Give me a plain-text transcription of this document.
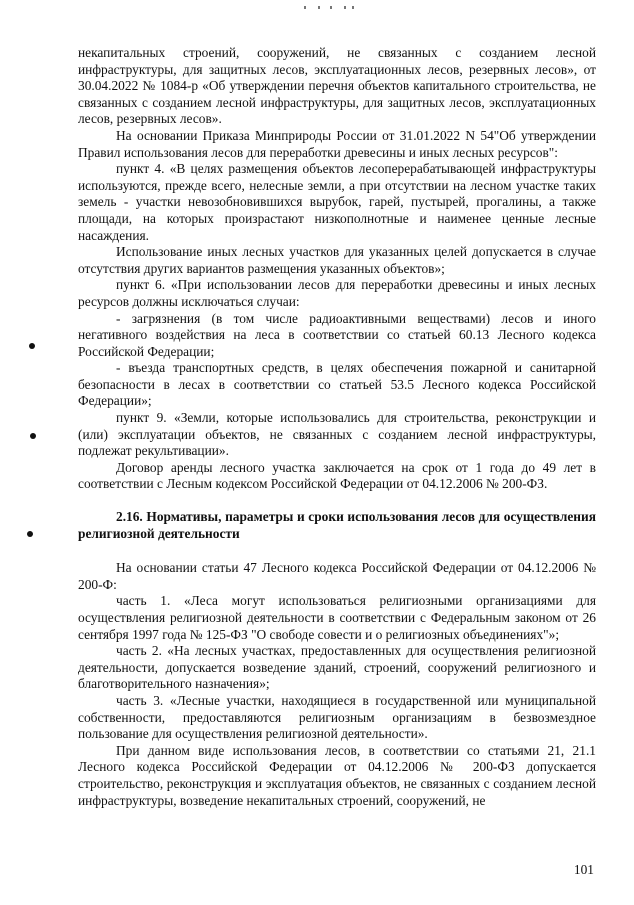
некапитальных строений, сооружений, не связанных с созданием лесной инфраструктуры, для защитных лесов, эксплуатационных лесов, резервных лесов», от 30.04.2022 № 1084-р «Об утверждении перечня объектов капитального строительства, не связанных с созданием лесной инфраструктуры, для защитных лесов, эксплуатационных лесов, резервных лесов».

На основании Приказа Минприроды России от 31.01.2022 N 54"Об утверждении Правил использования лесов для переработки древесины и иных лесных ресурсов":

пункт 4. «В целях размещения объектов лесоперерабатывающей инфраструктуры используются, прежде всего, нелесные земли, а при отсутствии на лесном участке таких земель - участки невозобновившихся вырубок, гарей, пустырей, прогалины, а также площади, на которых произрастают низкополнотные и наименее ценные лесные насаждения.

Использование иных лесных участков для указанных целей допускается в случае отсутствия других вариантов размещения указанных объектов»;

пункт 6. «При использовании лесов для переработки древесины и иных лесных ресурсов должны исключаться случаи:

- загрязнения (в том числе радиоактивными веществами) лесов и иного негативного воздействия на леса в соответствии со статьей 60.13 Лесного кодекса Российской Федерации;

- въезда транспортных средств, в целях обеспечения пожарной и санитарной безопасности в лесах в соответствии со статьей 53.5 Лесного кодекса Российской Федерации»;

пункт 9. «Земли, которые использовались для строительства, реконструкции и (или) эксплуатации объектов, не связанных с созданием лесной инфраструктуры, подлежат рекультивации».

Договор аренды лесного участка заключается на срок от 1 года до 49 лет в соответствии с Лесным кодексом Российской Федерации от 04.12.2006 № 200-ФЗ.

2.16. Нормативы, параметры и сроки использования лесов для осуществления религиозной деятельности

На основании статьи 47 Лесного кодекса Российской Федерации от 04.12.2006 № 200-Ф:

часть 1. «Леса могут использоваться религиозными организациями для осуществления религиозной деятельности в соответствии с Федеральным законом от 26 сентября 1997 года № 125-ФЗ "О свободе совести и о религиозных объединениях"»;

часть 2. «На лесных участках, предоставленных для осуществления религиозной деятельности, допускается возведение зданий, строений, сооружений религиозного и благотворительного назначения»;

часть 3. «Лесные участки, находящиеся в государственной или муниципальной собственности, предоставляются религиозным организациям в безвозмездное пользование для осуществления религиозной деятельности».

При данном виде использования лесов, в соответствии со статьями 21, 21.1 Лесного кодекса Российской Федерации от 04.12.2006 № 200-ФЗ допускается строительство, реконструкция и эксплуатация объектов, не связанных с созданием лесной инфраструктуры, возведение некапитальных строений, сооружений, не

101
